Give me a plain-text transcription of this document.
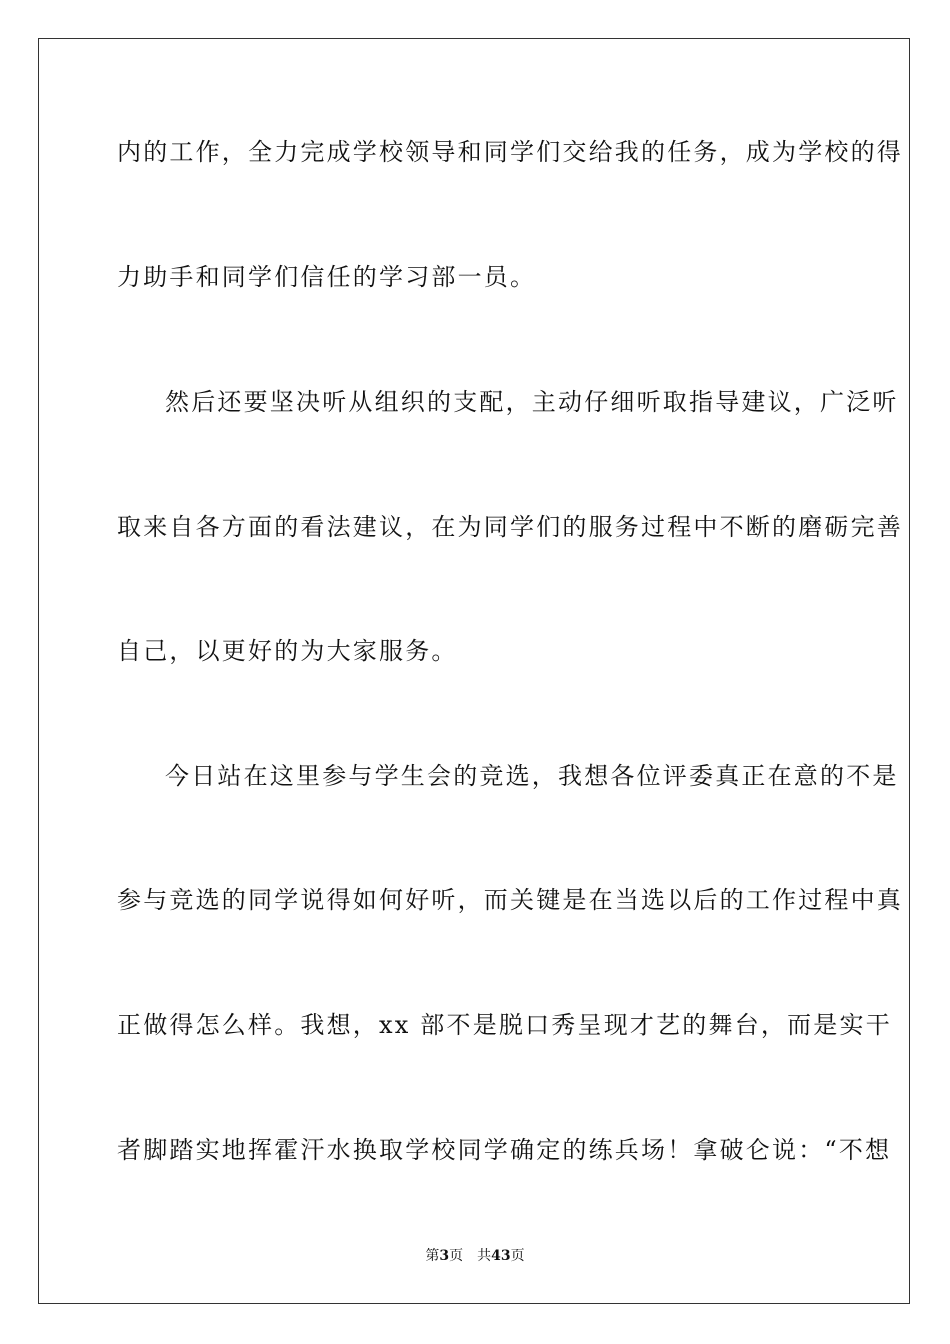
内的工作，全力完成学校领导和同学们交给我的任务，成为学校的得
力助手和同学们信任的学习部一员。
然后还要坚决听从组织的支配，主动仔细听取指导建议，广泛听
取来自各方面的看法建议，在为同学们的服务过程中不断的磨砺完善
自己，以更好的为大家服务。
今日站在这里参与学生会的竞选，我想各位评委真正在意的不是
参与竞选的同学说得如何好听，而关键是在当选以后的工作过程中真
正做得怎么样。我想，xx 部不是脱口秀呈现才艺的舞台，而是实干
者脚踏实地挥霍汗水换取学校同学确定的练兵场！拿破仑说：“不想
第3页 共43页
